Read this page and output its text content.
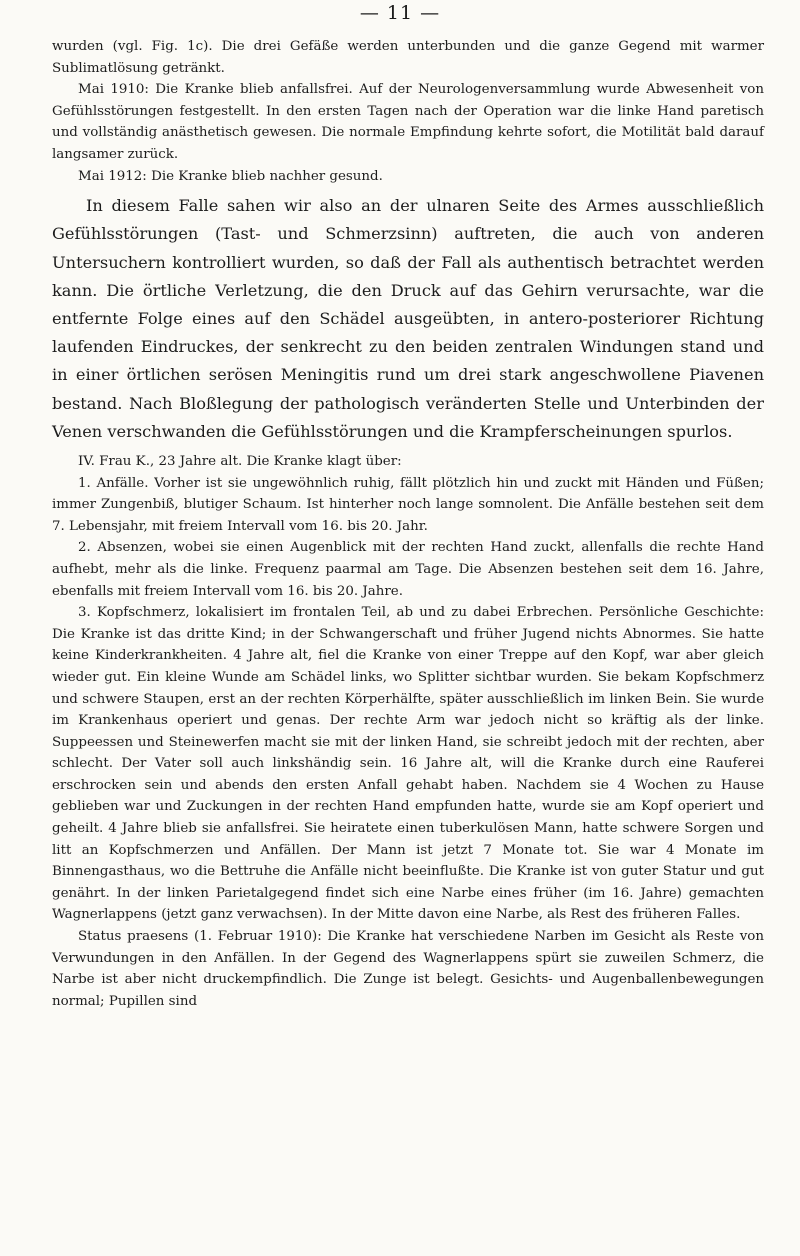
— 11 —

wurden (vgl. Fig. 1c). Die drei Gefäße werden unterbunden und die ganze Gegend mit warmer Sublimatlösung getränkt.

Mai 1910: Die Kranke blieb anfallsfrei. Auf der Neurologenversammlung wurde Abwesenheit von Gefühlsstörungen festgestellt. In den ersten Tagen nach der Operation war die linke Hand paretisch und vollständig anästhetisch gewesen. Die normale Empfindung kehrte sofort, die Motilität bald darauf langsamer zurück.

Mai 1912: Die Kranke blieb nachher gesund.

In diesem Falle sahen wir also an der ulnaren Seite des Armes ausschließlich Gefühlsstörungen (Tast- und Schmerzsinn) auftreten, die auch von anderen Untersuchern kontrolliert wurden, so daß der Fall als authentisch betrachtet werden kann. Die örtliche Verletzung, die den Druck auf das Gehirn verursachte, war die entfernte Folge eines auf den Schädel ausgeübten, in antero-posteriorer Richtung laufenden Eindruckes, der senkrecht zu den beiden zentralen Windungen stand und in einer örtlichen serösen Meningitis rund um drei stark angeschwollene Piavenen bestand. Nach Bloßlegung der pathologisch veränderten Stelle und Unterbinden der Venen verschwanden die Gefühlsstörungen und die Krampferscheinungen spurlos.

IV. Frau K., 23 Jahre alt. Die Kranke klagt über:

1. Anfälle. Vorher ist sie ungewöhnlich ruhig, fällt plötzlich hin und zuckt mit Händen und Füßen; immer Zungenbiß, blutiger Schaum. Ist hinterher noch lange somnolent. Die Anfälle bestehen seit dem 7. Lebensjahr, mit freiem Intervall vom 16. bis 20. Jahr.

2. Absenzen, wobei sie einen Augenblick mit der rechten Hand zuckt, allenfalls die rechte Hand aufhebt, mehr als die linke. Frequenz paarmal am Tage. Die Absenzen bestehen seit dem 16. Jahre, ebenfalls mit freiem Intervall vom 16. bis 20. Jahre.

3. Kopfschmerz, lokalisiert im frontalen Teil, ab und zu dabei Erbrechen. Persönliche Geschichte: Die Kranke ist das dritte Kind; in der Schwangerschaft und früher Jugend nichts Abnormes. Sie hatte keine Kinderkrankheiten. 4 Jahre alt, fiel die Kranke von einer Treppe auf den Kopf, war aber gleich wieder gut. Ein kleine Wunde am Schädel links, wo Splitter sichtbar wurden. Sie bekam Kopfschmerz und schwere Staupen, erst an der rechten Körperhälfte, später ausschließlich im linken Bein. Sie wurde im Krankenhaus operiert und genas. Der rechte Arm war jedoch nicht so kräftig als der linke. Suppeessen und Steinewerfen macht sie mit der linken Hand, sie schreibt jedoch mit der rechten, aber schlecht. Der Vater soll auch linkshändig sein. 16 Jahre alt, will die Kranke durch eine Rauferei erschrocken sein und abends den ersten Anfall gehabt haben. Nachdem sie 4 Wochen zu Hause geblieben war und Zuckungen in der rechten Hand empfunden hatte, wurde sie am Kopf operiert und geheilt. 4 Jahre blieb sie anfallsfrei. Sie heiratete einen tuberkulösen Mann, hatte schwere Sorgen und litt an Kopfschmerzen und Anfällen. Der Mann ist jetzt 7 Monate tot. Sie war 4 Monate im Binnengasthaus, wo die Bettruhe die Anfälle nicht beeinflußte. Die Kranke ist von guter Statur und gut genährt. In der linken Parietalgegend findet sich eine Narbe eines früher (im 16. Jahre) gemachten Wagnerlappens (jetzt ganz verwachsen). In der Mitte davon eine Narbe, als Rest des früheren Falles.

Status praesens (1. Februar 1910): Die Kranke hat verschiedene Narben im Gesicht als Reste von Verwundungen in den Anfällen. In der Gegend des Wagnerlappens spürt sie zuweilen Schmerz, die Narbe ist aber nicht druckempfindlich. Die Zunge ist belegt. Gesichts- und Augenballenbewegungen normal; Pupillen sind
